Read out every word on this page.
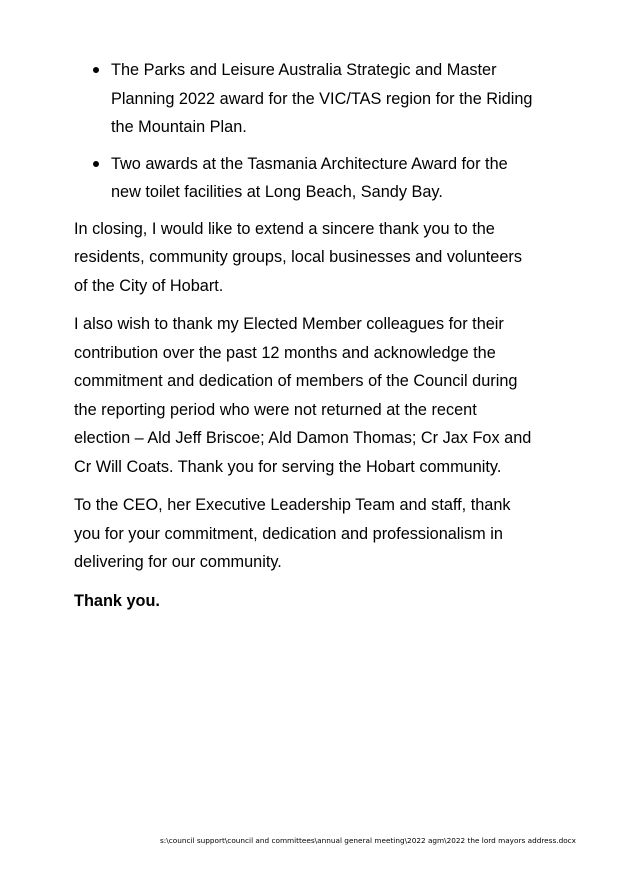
The Parks and Leisure Australia Strategic and Master
Planning 2022 award for the VIC/TAS region for the Riding
the Mountain Plan.
Two awards at the Tasmania Architecture Award for the
new toilet facilities at Long Beach, Sandy Bay.

In closing, I would like to extend a sincere thank you to the
residents, community groups, local businesses and volunteers
of the City of Hobart.

I also wish to thank my Elected Member colleagues for their
contribution over the past 12 months and acknowledge the
commitment and dedication of members of the Council during
the reporting period who were not returned at the recent
election – Ald Jeff Briscoe; Ald Damon Thomas; Cr Jax Fox and
Cr Will Coats. Thank you for serving the Hobart community.

To the CEO, her Executive Leadership Team and staff, thank
you for your commitment, dedication and professionalism in
delivering for our community.

Thank you.

s:\council support\council and committees\annual general meeting\2022 agm\2022 the lord mayors address.docx
